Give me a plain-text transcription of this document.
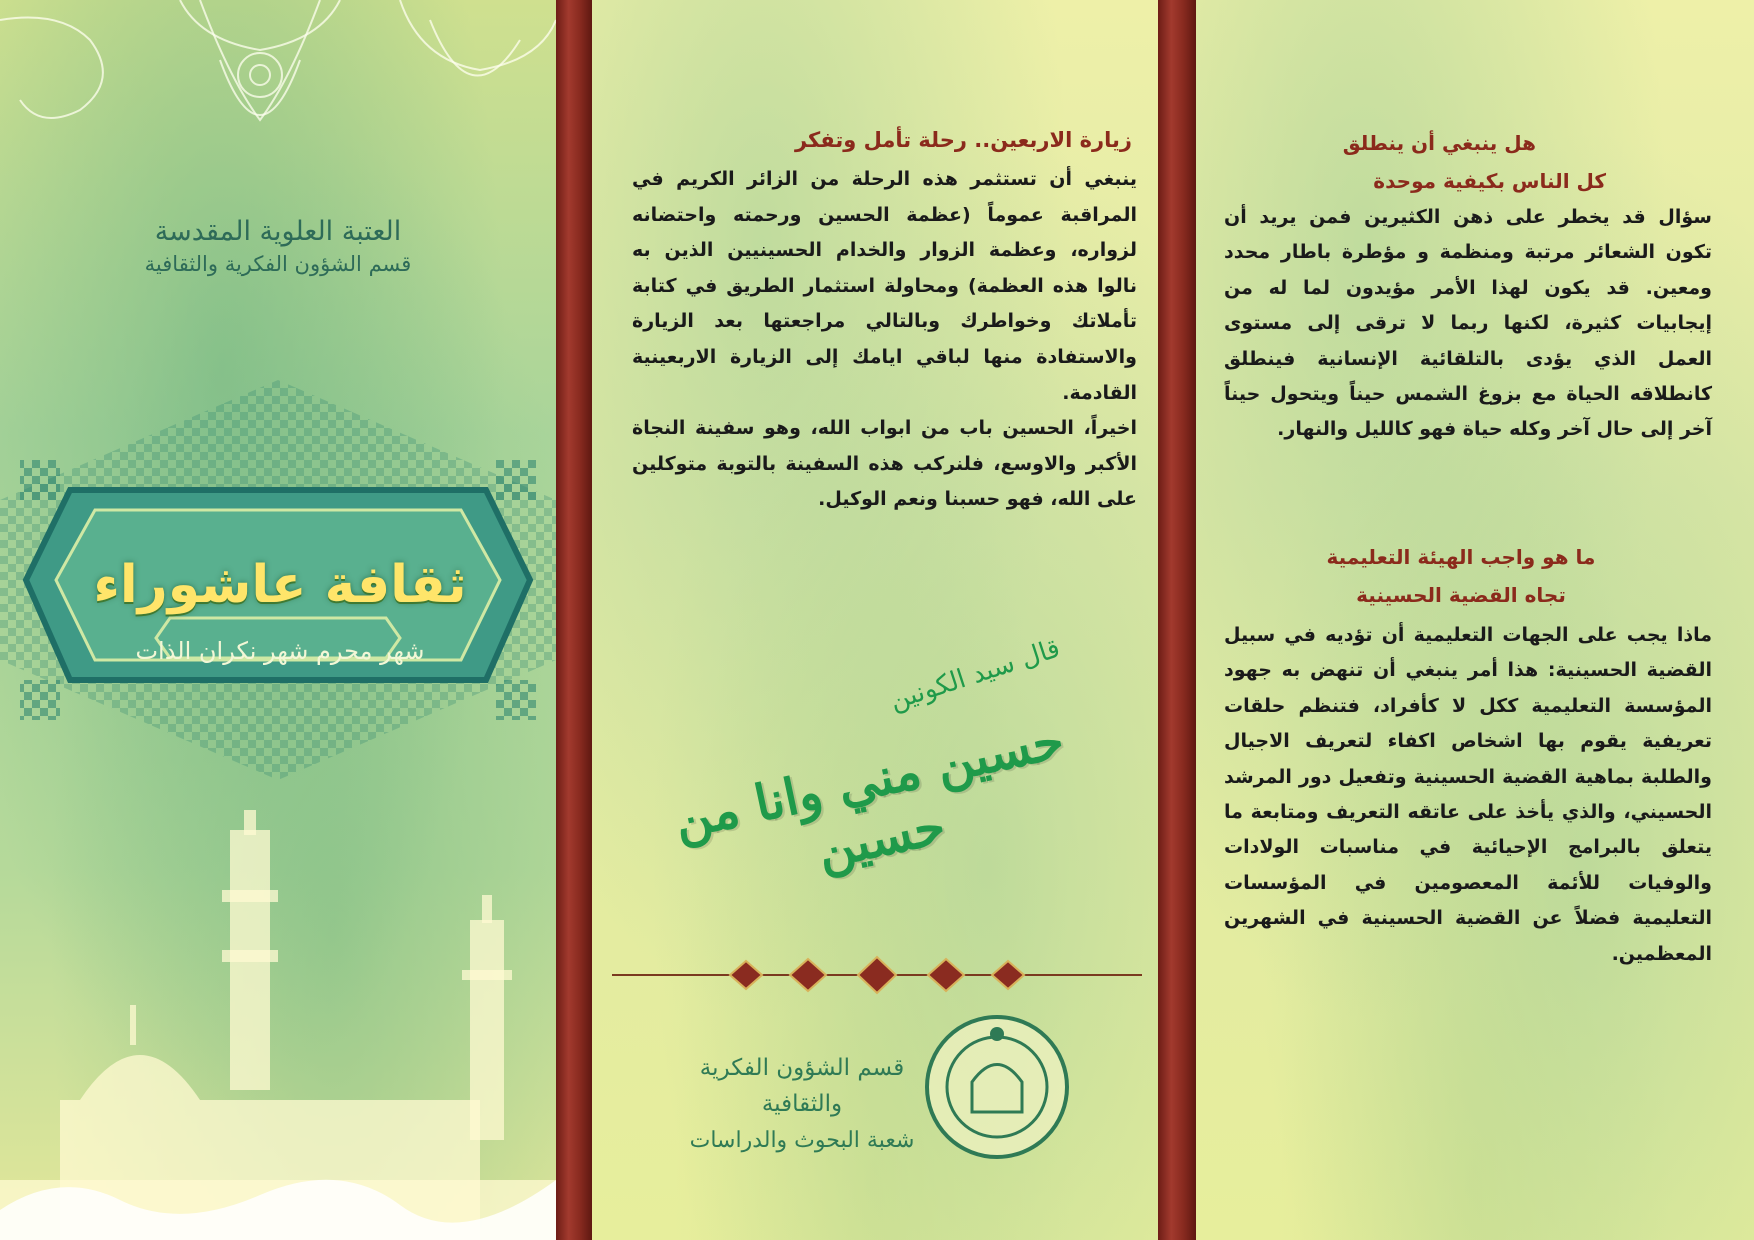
العتبة العلوية المقدسة
قسم الشؤون الفكرية والثقافية
ثقافة عاشوراء
شهر محرم شهر نكران الذات
زيارة الاربعين.. رحلة تأمل وتفكر

ينبغي أن تستثمر هذه الرحلة من الزائر الكريم في المراقبة عموماً (عظمة الحسين ورحمته واحتضانه لزواره، وعظمة الزوار والخدام الحسينيين الذين به نالوا هذه العظمة) ومحاولة استثمار الطريق في كتابة تأملاتك وخواطرك وبالتالي مراجعتها بعد الزيارة والاستفادة منها لباقي ايامك إلى الزيارة الاربعينية القادمة.

اخيراً، الحسين باب من ابواب الله، وهو سفينة النجاة الأكبر والاوسع، فلنركب هذه السفينة بالتوبة متوكلين على الله، فهو حسبنا ونعم الوكيل.

قال سيد الكونين
حسين مني وانا من حسين
قسم الشؤون الفكرية والثقافية
شعبة البحوث والدراسات
هل ينبغي أن ينطلق
كل الناس بكيفية موحدة
سؤال قد يخطر على ذهن الكثيرين فمن يريد أن تكون الشعائر مرتبة ومنظمة و مؤطرة باطار محدد ومعين. قد يكون لهذا الأمر مؤيدون لما له من إيجابيات كثيرة، لكنها ربما لا ترقى إلى مستوى العمل الذي يؤدى بالتلقائية الإنسانية فينطلق كانطلاقه الحياة مع بزوغ الشمس حيناً ويتحول حيناً آخر إلى حال آخر وكله حياة فهو كالليل والنهار.
ما هو واجب الهيئة التعليمية
تجاه القضية الحسينية
ماذا يجب على الجهات التعليمية أن تؤديه في سبيل القضية الحسينية: هذا أمر ينبغي أن تنهض به جهود المؤسسة التعليمية ككل لا كأفراد، فتنظم حلقات تعريفية يقوم بها اشخاص اكفاء لتعريف الاجيال والطلبة بماهية القضية الحسينية وتفعيل دور المرشد الحسيني، والذي يأخذ على عاتقه التعريف ومتابعة ما يتعلق بالبرامج الإحيائية في مناسبات الولادات والوفيات للأئمة المعصومين في المؤسسات التعليمية فضلاً عن القضية الحسينية في الشهرين المعظمين.
